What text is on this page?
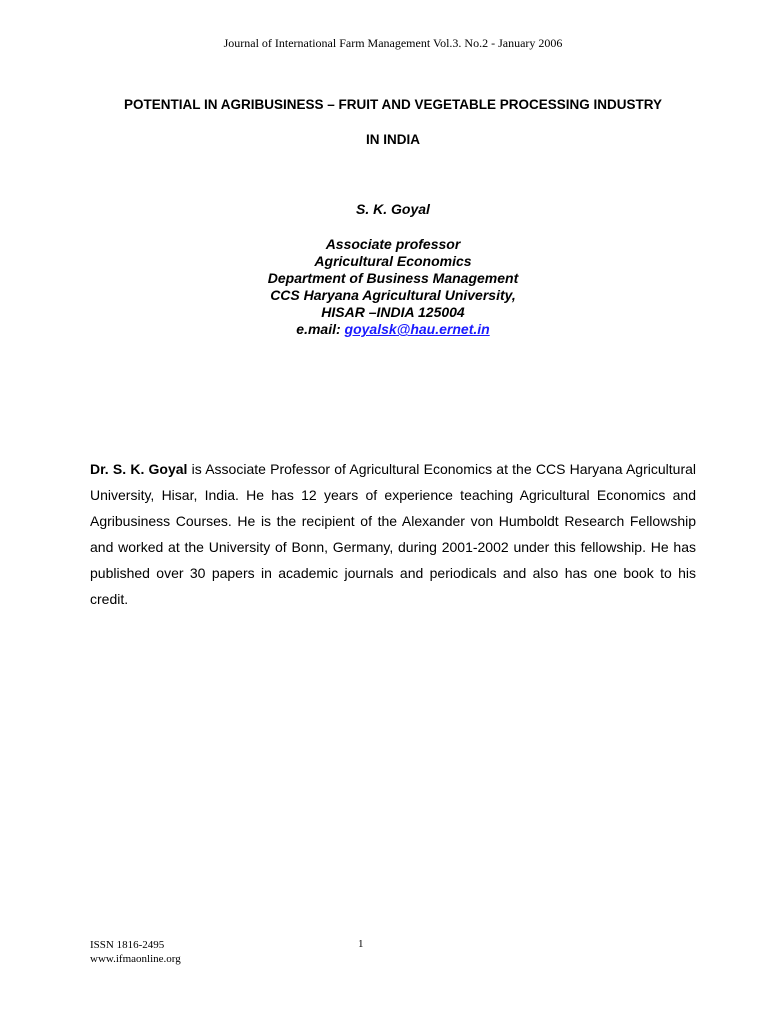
Journal of International Farm Management Vol.3. No.2 - January 2006
POTENTIAL IN AGRIBUSINESS – FRUIT AND VEGETABLE PROCESSING INDUSTRY
IN INDIA
S. K. Goyal
Associate professor
Agricultural Economics
Department of Business Management
CCS Haryana Agricultural University,
HISAR –INDIA 125004
e.mail: goyalsk@hau.ernet.in

Dr. S. K. Goyal is Associate Professor of Agricultural Economics at the CCS Haryana Agricultural University, Hisar, India. He has 12 years of experience teaching Agricultural Economics and Agribusiness Courses. He is the recipient of the Alexander von Humboldt Research Fellowship and worked at the University of Bonn, Germany, during 2001-2002 under this fellowship. He has published over 30 papers in academic journals and periodicals and also has one book to his credit.

ISSN 1816-2495
www.ifmaonline.org
1
